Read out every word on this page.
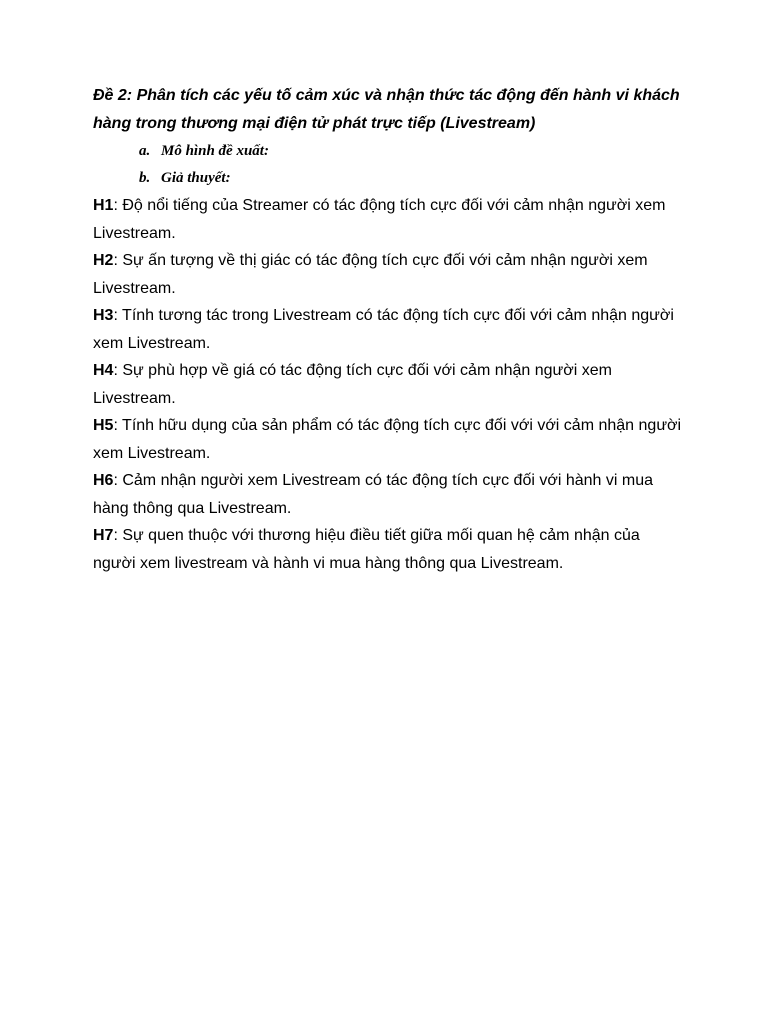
Đề 2: Phân tích các yếu tố cảm xúc và nhận thức tác động đến hành vi khách hàng trong thương mại điện tử phát trực tiếp (Livestream)

a. Mô hình đề xuất:
b. Giả thuyết:

H1: Độ nổi tiếng của Streamer có tác động tích cực đối với cảm nhận người xem Livestream.

H2: Sự ấn tượng về thị giác có tác động tích cực đối với cảm nhận người xem Livestream.

H3: Tính tương tác trong Livestream có tác động tích cực đối với cảm nhận người xem Livestream.

H4: Sự phù hợp về giá có tác động tích cực đối với cảm nhận người xem Livestream.

H5: Tính hữu dụng của sản phẩm có tác động tích cực đối với với cảm nhận người xem Livestream.

H6: Cảm nhận người xem Livestream có tác động tích cực đối với hành vi mua hàng thông qua Livestream.

H7: Sự quen thuộc với thương hiệu điều tiết giữa mối quan hệ cảm nhận của người xem livestream và hành vi mua hàng thông qua Livestream.
